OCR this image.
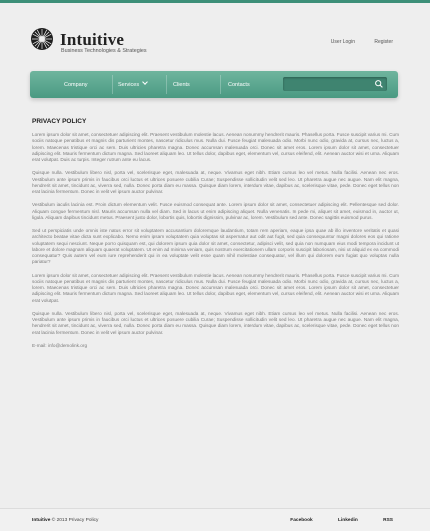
Intuitive
Business Technologies & Strategies
User Login	Register
Company	Services	Clients	Contacts
PRIVACY POLICY

Lorem ipsum dolor sit amet, consectetuer adipiscing elit. Praesent vestibulum molestie lacus. Aenean nonummy hendrerit mauris. Phasellus porta. Fusce suscipit varius mi. Cum sociis natoque penatibus et magnis dis parturient montes, nascetur ridiculus mus. Nulla dui. Fusce feugiat malesuada odio. Morbi nunc odio, gravida at, cursus nec, luctus a, lorem. Maecenas tristique orci ac sem. Duis ultricies pharetra magna. Donec accumsan malesuada orci. Donec sit amet eros. Lorem ipsum dolor sit amet, consectetuer adipiscing elit. Mauris fermentum dictum magna. Sed laoreet aliquam leo. Ut tellus dolor, dapibus eget, elementum vel, cursus eleifend, elit. Aenean auctor wisi et urna. Aliquam erat volutpat. Duis ac turpis. Integer rutrum ante eu lacus.

Quisque nulla. Vestibulum libero nisl, porta vel, scelerisque eget, malesuada at, neque. Vivamus eget nibh. Etiam cursus leo vel metus. Nulla facilisi. Aenean nec eros. Vestibulum ante ipsum primis in faucibus orci luctus et ultrices posuere cubilia Curae; Suspendisse sollicitudin velit sed leo. Ut pharetra augue nec augue. Nam elit magna, hendrerit sit amet, tincidunt ac, viverra sed, nulla. Donec porta diam eu massa. Quisque diam lorem, interdum vitae, dapibus ac, scelerisque vitae, pede. Donec eget tellus non erat lacinia fermentum. Donec in velit vel ipsum auctor pulvinar.

Vestibulum iaculis lacinia est. Proin dictum elementum velit. Fusce euismod consequat ante. Lorem ipsum dolor sit amet, consectetuer adipiscing elit. Pellentesque sed dolor. Aliquam congue fermentum nisl. Mauris accumsan nulla vel diam. Sed in lacus ut enim adipiscing aliquet. Nulla venenatis. In pede mi, aliquet sit amet, euismod in, auctor ut, ligula. Aliquam dapibus tincidunt metus. Praesent justo dolor, lobortis quis, lobortis dignissim, pulvinar ac, lorem. Vestibulum sed ante. Donec sagittis euismod purus.

Sed ut perspiciatis unde omnis iste natus error sit voluptatem accusantium doloremque laudantium, totam rem aperiam, eaque ipsa quae ab illo inventore veritatis et quasi architecto beatae vitae dicta sunt explicabo. Nemo enim ipsam voluptatem quia voluptas sit aspernatur aut odit aut fugit, sed quia consequuntur magni dolores eos qui ratione voluptatem sequi nesciunt. Neque porro quisquam est, qui dolorem ipsum quia dolor sit amet, consectetur, adipisci velit, sed quia non numquam eius modi tempora incidunt ut labore et dolore magnam aliquam quaerat voluptatem. Ut enim ad minima veniam, quis nostrum exercitationem ullam corporis suscipit laboriosam, nisi ut aliquid ex ea commodi consequatur? Quis autem vel eum iure reprehenderit qui in ea voluptate velit esse quam nihil molestiae consequatur, vel illum qui dolorem eum fugiat quo voluptas nulla pariatur?

Lorem ipsum dolor sit amet, consectetuer adipiscing elit. Praesent vestibulum molestie lacus. Aenean nonummy hendrerit mauris. Phasellus porta. Fusce suscipit varius mi. Cum sociis natoque penatibus et magnis dis parturient montes, nascetur ridiculus mus. Nulla dui. Fusce feugiat malesuada odio. Morbi nunc odio, gravida at, cursus nec, luctus a, lorem. Maecenas tristique orci ac sem. Duis ultricies pharetra magna. Donec accumsan malesuada orci. Donec sit amet eros. Lorem ipsum dolor sit amet, consectetuer adipiscing elit. Mauris fermentum dictum magna. Sed laoreet aliquam leo. Ut tellus dolor, dapibus eget, elementum vel, cursus eleifend, elit. Aenean auctor wisi et urna. Aliquam erat volutpat.

Quisque nulla. Vestibulum libero nisl, porta vel, scelerisque eget, malesuada at, neque. Vivamus eget nibh. Etiam cursus leo vel metus. Nulla facilisi. Aenean nec eros. Vestibulum ante ipsum primis in faucibus orci luctus et ultrices posuere cubilia Curae; Suspendisse sollicitudin velit sed leo. Ut pharetra augue nec augue. Nam elit magna, hendrerit sit amet, tincidunt ac, viverra sed, nulla. Donec porta diam eu massa. Quisque diam lorem, interdum vitae, dapibus ac, scelerisque vitae, pede. Donec eget tellus non erat lacinia fermentum. Donec in velit vel ipsum auctor pulvinar.

E-mail: info@demolink.org
Intuitive © 2013 Privacy Policy	Facebook	Linkedin	RSS
